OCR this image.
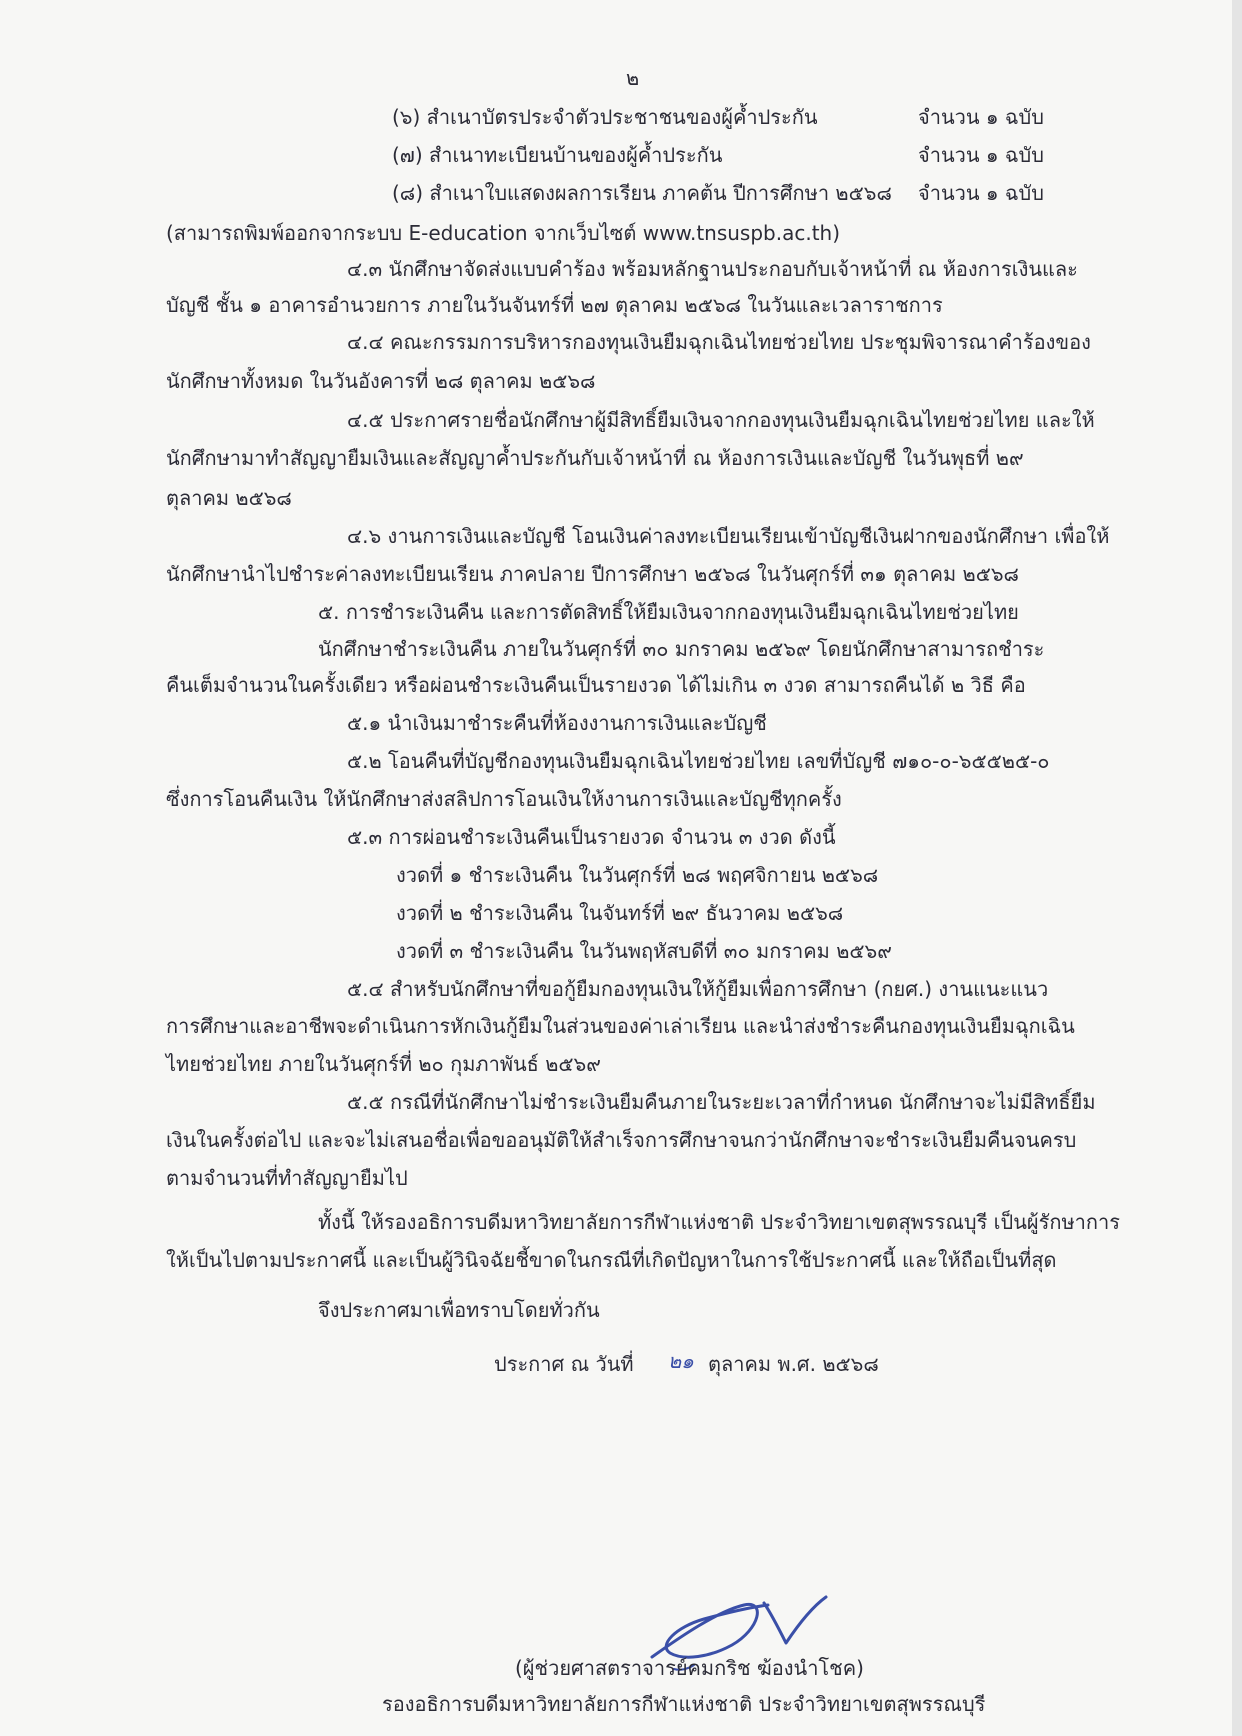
๒
(๖) สำเนาบัตรประจำตัวประชาชนของผู้ค้ำประกัน	จำนวน ๑ ฉบับ
(๗) สำเนาทะเบียนบ้านของผู้ค้ำประกัน	จำนวน ๑ ฉบับ
(๘) สำเนาใบแสดงผลการเรียน ภาคต้น ปีการศึกษา ๒๕๖๘ จำนวน ๑ ฉบับ
(สามารถพิมพ์ออกจากระบบ E-education จากเว็บไซต์ www.tnsuspb.ac.th)
๔.๓ นักศึกษาจัดส่งแบบคำร้อง พร้อมหลักฐานประกอบกับเจ้าหน้าที่ ณ ห้องการเงินและ
บัญชี ชั้น ๑ อาคารอำนวยการ ภายในวันจันทร์ที่ ๒๗ ตุลาคม ๒๕๖๘ ในวันและเวลาราชการ
๔.๔ คณะกรรมการบริหารกองทุนเงินยืมฉุกเฉินไทยช่วยไทย ประชุมพิจารณาคำร้องของ
นักศึกษาทั้งหมด ในวันอังคารที่ ๒๘ ตุลาคม ๒๕๖๘
๔.๕ ประกาศรายชื่อนักศึกษาผู้มีสิทธิ์ยืมเงินจากกองทุนเงินยืมฉุกเฉินไทยช่วยไทย และให้
นักศึกษามาทำสัญญายืมเงินและสัญญาค้ำประกันกับเจ้าหน้าที่ ณ ห้องการเงินและบัญชี ในวันพุธที่ ๒๙
ตุลาคม ๒๕๖๘
๔.๖ งานการเงินและบัญชี โอนเงินค่าลงทะเบียนเรียนเข้าบัญชีเงินฝากของนักศึกษา เพื่อให้
นักศึกษานำไปชำระค่าลงทะเบียนเรียน ภาคปลาย ปีการศึกษา ๒๕๖๘ ในวันศุกร์ที่ ๓๑ ตุลาคม ๒๕๖๘
๕. การชำระเงินคืน และการตัดสิทธิ์ให้ยืมเงินจากกองทุนเงินยืมฉุกเฉินไทยช่วยไทย
นักศึกษาชำระเงินคืน ภายในวันศุกร์ที่ ๓๐ มกราคม ๒๕๖๙ โดยนักศึกษาสามารถชำระ
คืนเต็มจำนวนในครั้งเดียว หรือผ่อนชำระเงินคืนเป็นรายงวด ได้ไม่เกิน ๓ งวด สามารถคืนได้ ๒ วิธี คือ
๕.๑ นำเงินมาชำระคืนที่ห้องงานการเงินและบัญชี
๕.๒ โอนคืนที่บัญชีกองทุนเงินยืมฉุกเฉินไทยช่วยไทย เลขที่บัญชี ๗๑๐-๐-๖๕๕๒๕-๐
ซึ่งการโอนคืนเงิน ให้นักศึกษาส่งสลิปการโอนเงินให้งานการเงินและบัญชีทุกครั้ง
๕.๓ การผ่อนชำระเงินคืนเป็นรายงวด จำนวน ๓ งวด ดังนี้
งวดที่ ๑ ชำระเงินคืน ในวันศุกร์ที่ ๒๘ พฤศจิกายน ๒๕๖๘
งวดที่ ๒ ชำระเงินคืน ในจันทร์ที่ ๒๙ ธันวาคม ๒๕๖๘
งวดที่ ๓ ชำระเงินคืน ในวันพฤหัสบดีที่ ๓๐ มกราคม ๒๕๖๙
๕.๔ สำหรับนักศึกษาที่ขอกู้ยืมกองทุนเงินให้กู้ยืมเพื่อการศึกษา (กยศ.) งานแนะแนว
การศึกษาและอาชีพจะดำเนินการหักเงินกู้ยืมในส่วนของค่าเล่าเรียน และนำส่งชำระคืนกองทุนเงินยืมฉุกเฉิน
ไทยช่วยไทย ภายในวันศุกร์ที่ ๒๐ กุมภาพันธ์ ๒๕๖๙
๕.๕ กรณีที่นักศึกษาไม่ชำระเงินยืมคืนภายในระยะเวลาที่กำหนด นักศึกษาจะไม่มีสิทธิ์ยืม
เงินในครั้งต่อไป และจะไม่เสนอชื่อเพื่อขออนุมัติให้สำเร็จการศึกษาจนกว่านักศึกษาจะชำระเงินยืมคืนจนครบ
ตามจำนวนที่ทำสัญญายืมไป
ทั้งนี้ ให้รองอธิการบดีมหาวิทยาลัยการกีฬาแห่งชาติ ประจำวิทยาเขตสุพรรณบุรี เป็นผู้รักษาการ
ให้เป็นไปตามประกาศนี้ และเป็นผู้วินิจฉัยชี้ขาดในกรณีที่เกิดปัญหาในการใช้ประกาศนี้ และให้ถือเป็นที่สุด
จึงประกาศมาเพื่อทราบโดยทั่วกัน
ประกาศ ณ วันที่ ๒๑ ตุลาคม พ.ศ. ๒๕๖๘
(ผู้ช่วยศาสตราจารย์คมกริช ฆ้องนำโชค)
รองอธิการบดีมหาวิทยาลัยการกีฬาแห่งชาติ ประจำวิทยาเขตสุพรรณบุรี
